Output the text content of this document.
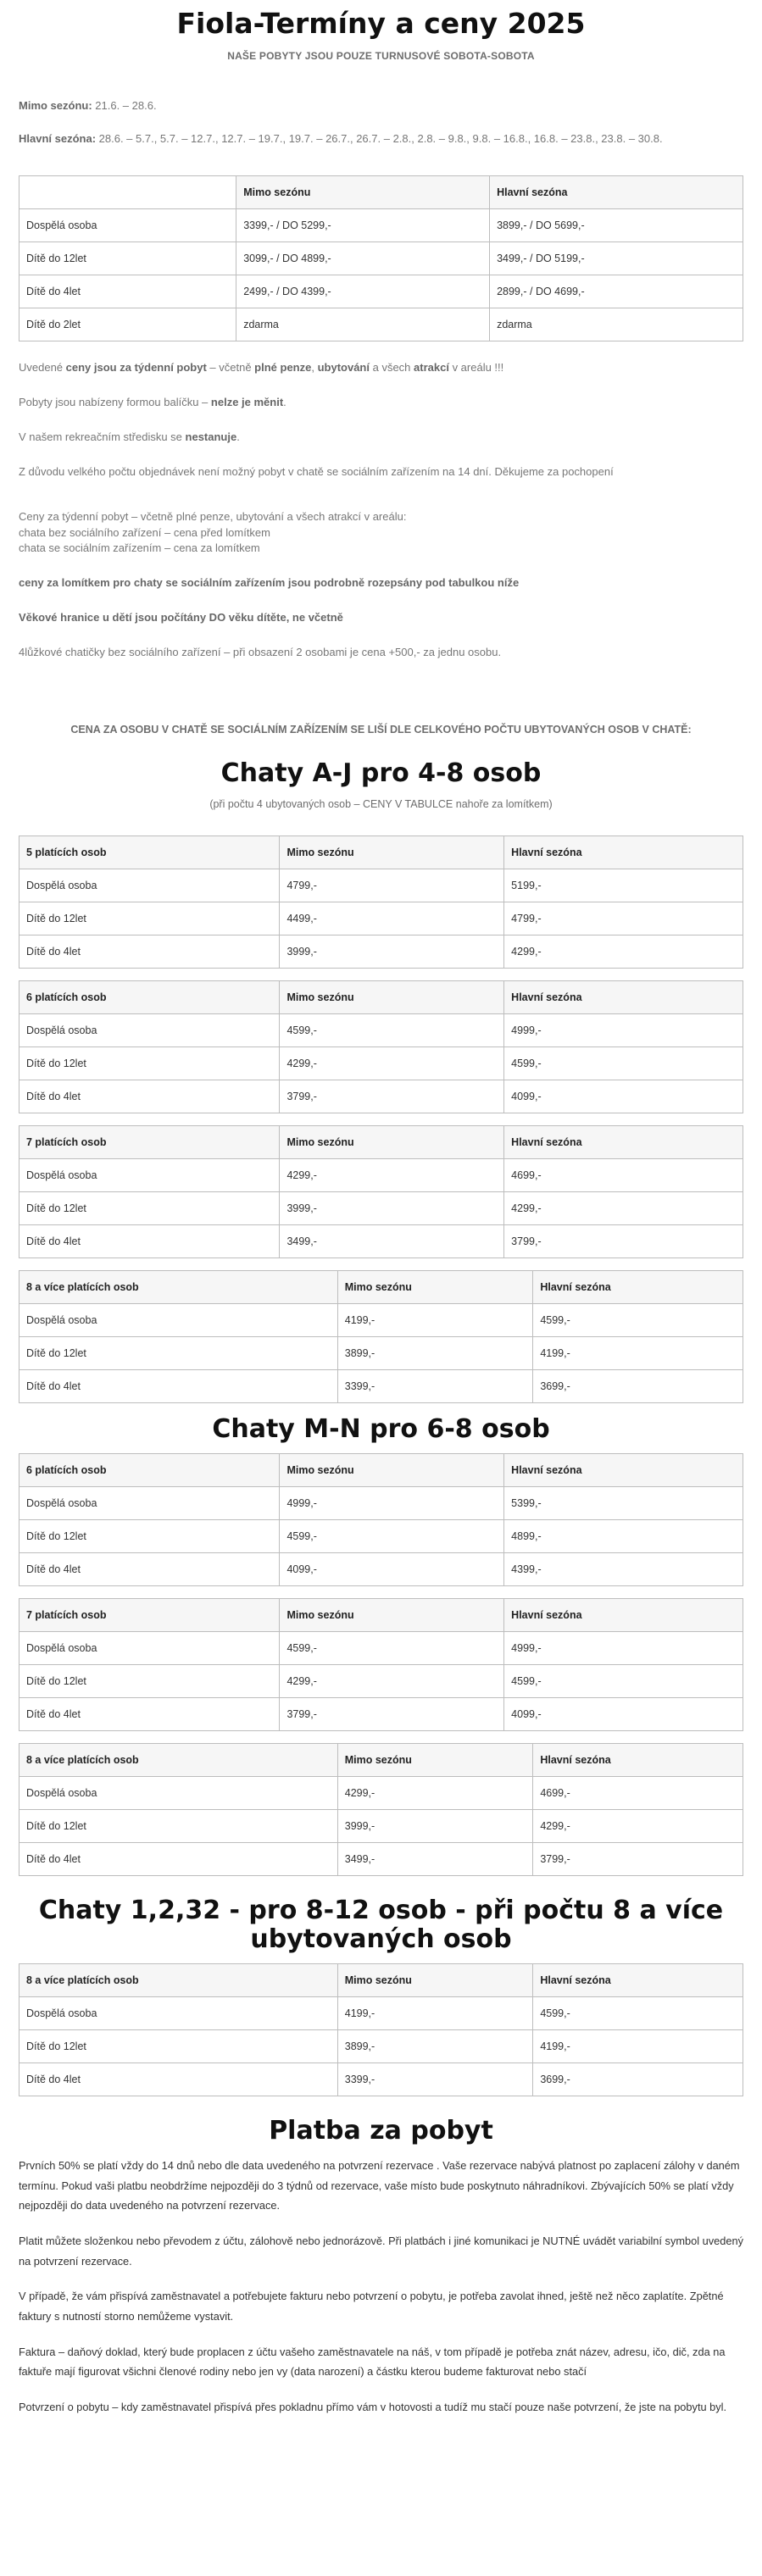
Fiola-Termíny a ceny 2025
NAŠE POBYTY JSOU POUZE TURNUSOVÉ SOBOTA-SOBOTA

Mimo sezónu: 21.6. – 28.6.

Hlavní sezóna: 28.6. – 5.7., 5.7. – 12.7., 12.7. – 19.7., 19.7. – 26.7., 26.7. – 2.8., 2.8. – 9.8., 9.8. – 16.8., 16.8. – 23.8., 23.8. – 30.8.

	Mimo sezónu	Hlavní sezóna
Dospělá osoba	3399,- / DO 5299,-	3899,- / DO 5699,-
Dítě do 12let	3099,- / DO 4899,-	3499,- / DO 5199,-
Dítě do 4let	2499,- / DO 4399,-	2899,- / DO 4699,-
Dítě do 2let	zdarma	zdarma

Uvedené ceny jsou za týdenní pobyt – včetně plné penze, ubytování a všech atrakcí v areálu !!!

Pobyty jsou nabízeny formou balíčku – nelze je měnit.

V našem rekreačním středisku se nestanuje.

Z důvodu velkého počtu objednávek není možný pobyt v chatě se sociálním zařízením na 14 dní. Děkujeme za pochopení

Ceny za týdenní pobyt – včetně plné penze, ubytování a všech atrakcí v areálu:
chata bez sociálního zařízení – cena před lomítkem
chata se sociálním zařízením – cena za lomítkem

ceny za lomítkem pro chaty se sociálním zařízením jsou podrobně rozepsány pod tabulkou níže

Věkové hranice u dětí jsou počítány DO věku dítěte, ne včetně

4lůžkové chatičky bez sociálního zařízení – při obsazení 2 osobami je cena +500,- za jednu osobu.

CENA ZA OSOBU V CHATĚ SE SOCIÁLNÍM ZAŘÍZENÍM SE LIŠÍ DLE CELKOVÉHO POČTU UBYTOVANÝCH OSOB V CHATĚ:
Chaty A-J pro 4-8 osob
(při počtu 4 ubytovaných osob – CENY V TABULCE nahoře za lomítkem)
5 platících osob	Mimo sezónu	Hlavní sezóna
Dospělá osoba	4799,-	5199,-
Dítě do 12let	4499,-	4799,-
Dítě do 4let	3999,-	4299,-
6 platících osob	Mimo sezónu	Hlavní sezóna
Dospělá osoba	4599,-	4999,-
Dítě do 12let	4299,-	4599,-
Dítě do 4let	3799,-	4099,-
7 platících osob	Mimo sezónu	Hlavní sezóna
Dospělá osoba	4299,-	4699,-
Dítě do 12let	3999,-	4299,-
Dítě do 4let	3499,-	3799,-
8 a více platících osob	Mimo sezónu	Hlavní sezóna
Dospělá osoba	4199,-	4599,-
Dítě do 12let	3899,-	4199,-
Dítě do 4let	3399,-	3699,-
Chaty M-N pro 6-8 osob
6 platících osob	Mimo sezónu	Hlavní sezóna
Dospělá osoba	4999,-	5399,-
Dítě do 12let	4599,-	4899,-
Dítě do 4let	4099,-	4399,-
7 platících osob	Mimo sezónu	Hlavní sezóna
Dospělá osoba	4599,-	4999,-
Dítě do 12let	4299,-	4599,-
Dítě do 4let	3799,-	4099,-
8 a více platících osob	Mimo sezónu	Hlavní sezóna
Dospělá osoba	4299,-	4699,-
Dítě do 12let	3999,-	4299,-
Dítě do 4let	3499,-	3799,-
Chaty 1,2,32 - pro 8-12 osob - při počtu 8 a více ubytovaných osob
8 a více platících osob	Mimo sezónu	Hlavní sezóna
Dospělá osoba	4199,-	4599,-
Dítě do 12let	3899,-	4199,-
Dítě do 4let	3399,-	3699,-
Platba za pobyt

Prvních 50% se platí vždy do 14 dnů nebo dle data uvedeného na potvrzení rezervace . Vaše rezervace nabývá platnost po zaplacení zálohy v daném termínu. Pokud vaši platbu neobdržíme nejpozději do 3 týdnů od rezervace, vaše místo bude poskytnuto náhradníkovi. Zbývajících 50% se platí vždy nejpozději do data uvedeného na potvrzení rezervace.

Platit můžete složenkou nebo převodem z účtu, zálohově nebo jednorázově. Při platbách i jiné komunikaci je NUTNÉ uvádět variabilní symbol uvedený na potvrzení rezervace.

V případě, že vám přispívá zaměstnavatel a potřebujete fakturu nebo potvrzení o pobytu, je potřeba zavolat ihned, ještě než něco zaplatíte. Zpětné faktury s nutností storno nemůžeme vystavit.

Faktura – daňový doklad, který bude proplacen z účtu vašeho zaměstnavatele na náš, v tom případě je potřeba znát název, adresu, ičo, dič, zda na faktuře mají figurovat všichni členové rodiny nebo jen vy (data narození) a částku kterou budeme fakturovat nebo stačí

Potvrzení o pobytu – kdy zaměstnavatel přispívá přes pokladnu přímo vám v hotovosti a tudíž mu stačí pouze naše potvrzení, že jste na pobytu byl.
